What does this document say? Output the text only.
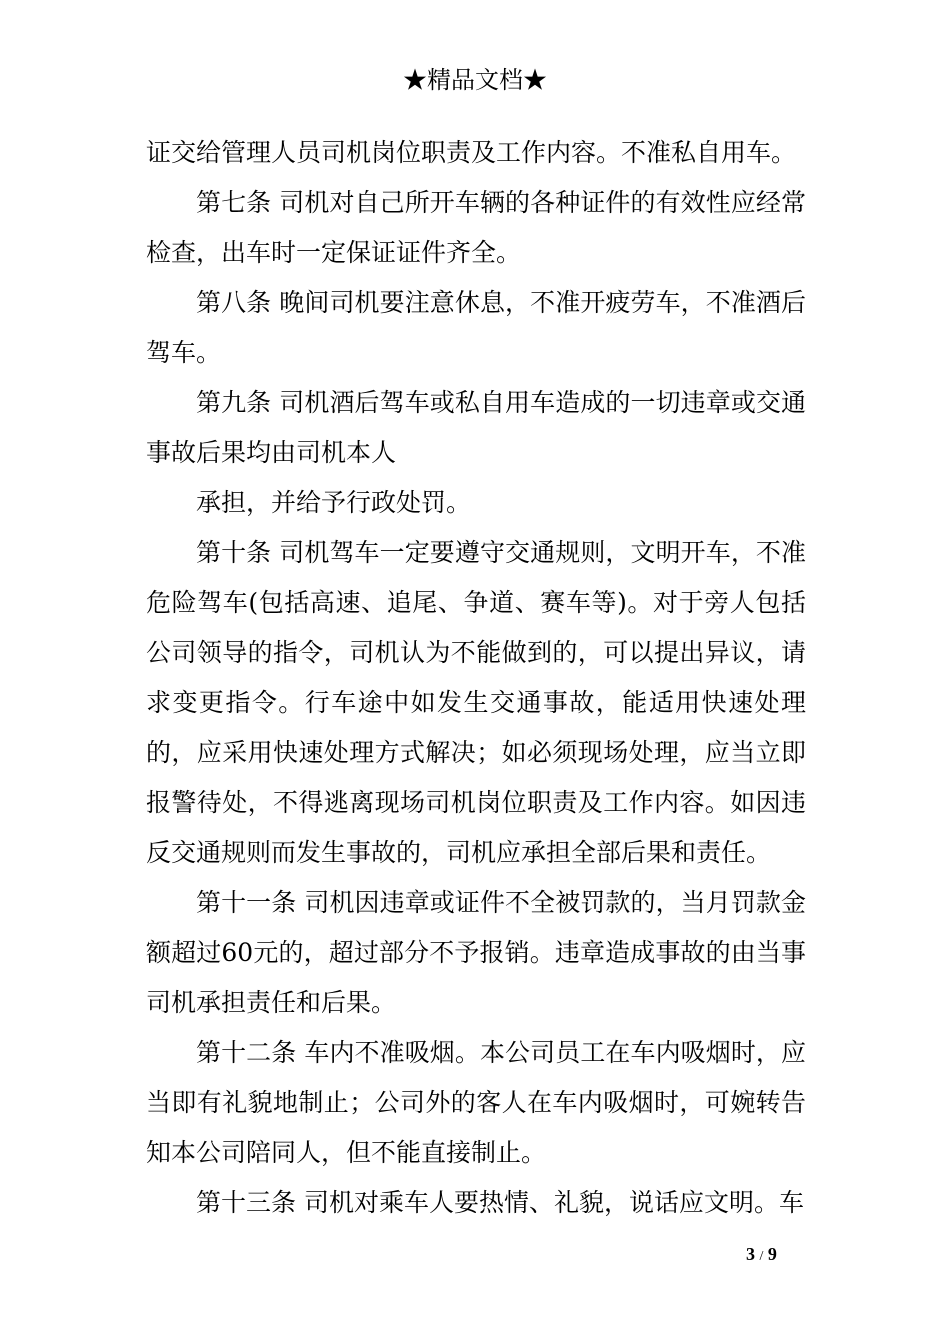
★精品文档★

证交给管理人员司机岗位职责及工作内容。不准私自用车。

第七条 司机对自己所开车辆的各种证件的有效性应经常检查，出车时一定保证证件齐全。

第八条 晚间司机要注意休息，不准开疲劳车，不准酒后驾车。

第九条 司机酒后驾车或私自用车造成的一切违章或交通事故后果均由司机本人

承担，并给予行政处罚。

第十条 司机驾车一定要遵守交通规则，文明开车，不准危险驾车(包括高速、追尾、争道、赛车等)。对于旁人包括公司领导的指令，司机认为不能做到的，可以提出异议，请求变更指令。行车途中如发生交通事故，能适用快速处理的，应采用快速处理方式解决；如必须现场处理，应当立即报警待处，不得逃离现场司机岗位职责及工作内容。如因违反交通规则而发生事故的，司机应承担全部后果和责任。

第十一条 司机因违章或证件不全被罚款的，当月罚款金额超过60元的，超过部分不予报销。违章造成事故的由当事司机承担责任和后果。

第十二条 车内不准吸烟。本公司员工在车内吸烟时，应当即有礼貌地制止；公司外的客人在车内吸烟时，可婉转告知本公司陪同人，但不能直接制止。

第十三条 司机对乘车人要热情、礼貌，说话应文明。车

3 / 9
